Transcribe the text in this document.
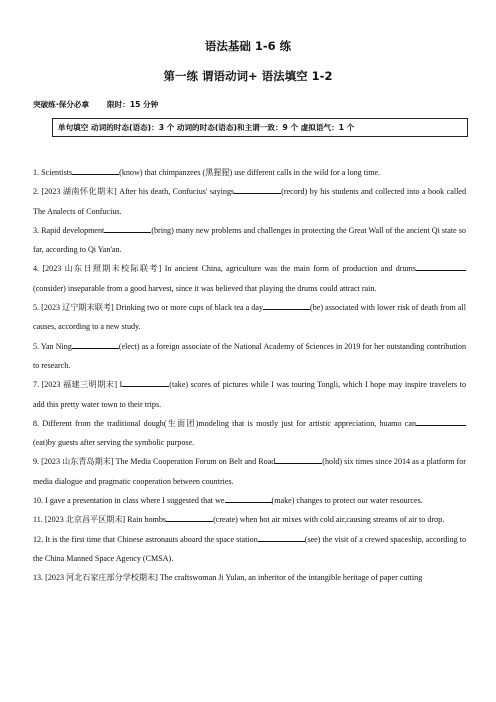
语法基础 1-6 练
第一练 谓语动词+ 语法填空 1-2
突破练·保分必拿 限时：15 分钟
单句填空 动词的时态(语态)：3 个 动词的时态(语态)和主谓一致：9 个 虚拟语气：1 个

1. Scientists	(know) that chimpanzees (黑猩猩) use different calls in the wild for a long time.

2. [2023 湖南怀化期末] After his death, Confucius' sayings	(record) by his students and collected into a book called The Analects of Confucius.

3. Rapid development	(bring) many new problems and challenges in protecting the Great Wall of the ancient Qi state so far, according to Qi Yan'an.

4. [2023 山东日照期末校际联考] In ancient China, agriculture was the main form of production and drums (consider) inseparable from a good harvest, since it was believed that playing the drums could attract rain.

5. [2023 辽宁期末联考] Drinking two or more cups of black tea a day	(be) associated with lower risk of death from all causes, according to a new study.

5. Yan Ning	(elect) as a foreign associate of the National Academy of Sciences in 2019 for her outstanding contribution to research.

7. [2023 福建三明期末] I	(take) scores of pictures while I was touring Tongli, which I hope may inspire travelers to add this pretty water town to their trips.

8. Different from the traditional dough(生面团)modeling that is mostly just for artistic appreciation, huamo can (eat)by guests after serving the symbolic purpose.

9. [2023 山东青岛期末] The Media Cooperation Forum on Belt and Road	(hold) six times since 2014 as a platform for media dialogue and pragmatic cooperation between countries.

10. I gave a presentation in class where I suggested that we	(make) changes to protect our water resources.

11. [2023 北京昌平区期末] Rain bombs	(create) when hot air mixes with cold air,causing streams of air to drop.

12. It is the first time that Chinese astronauts aboard the space station	(see) the visit of a crewed spaceship, according to the China Manned Space Agency (CMSA).

13. [2023 河北石家庄部分学校期末] The craftswoman Ji Yulan, an inheritor of the intangible heritage of paper cutting
